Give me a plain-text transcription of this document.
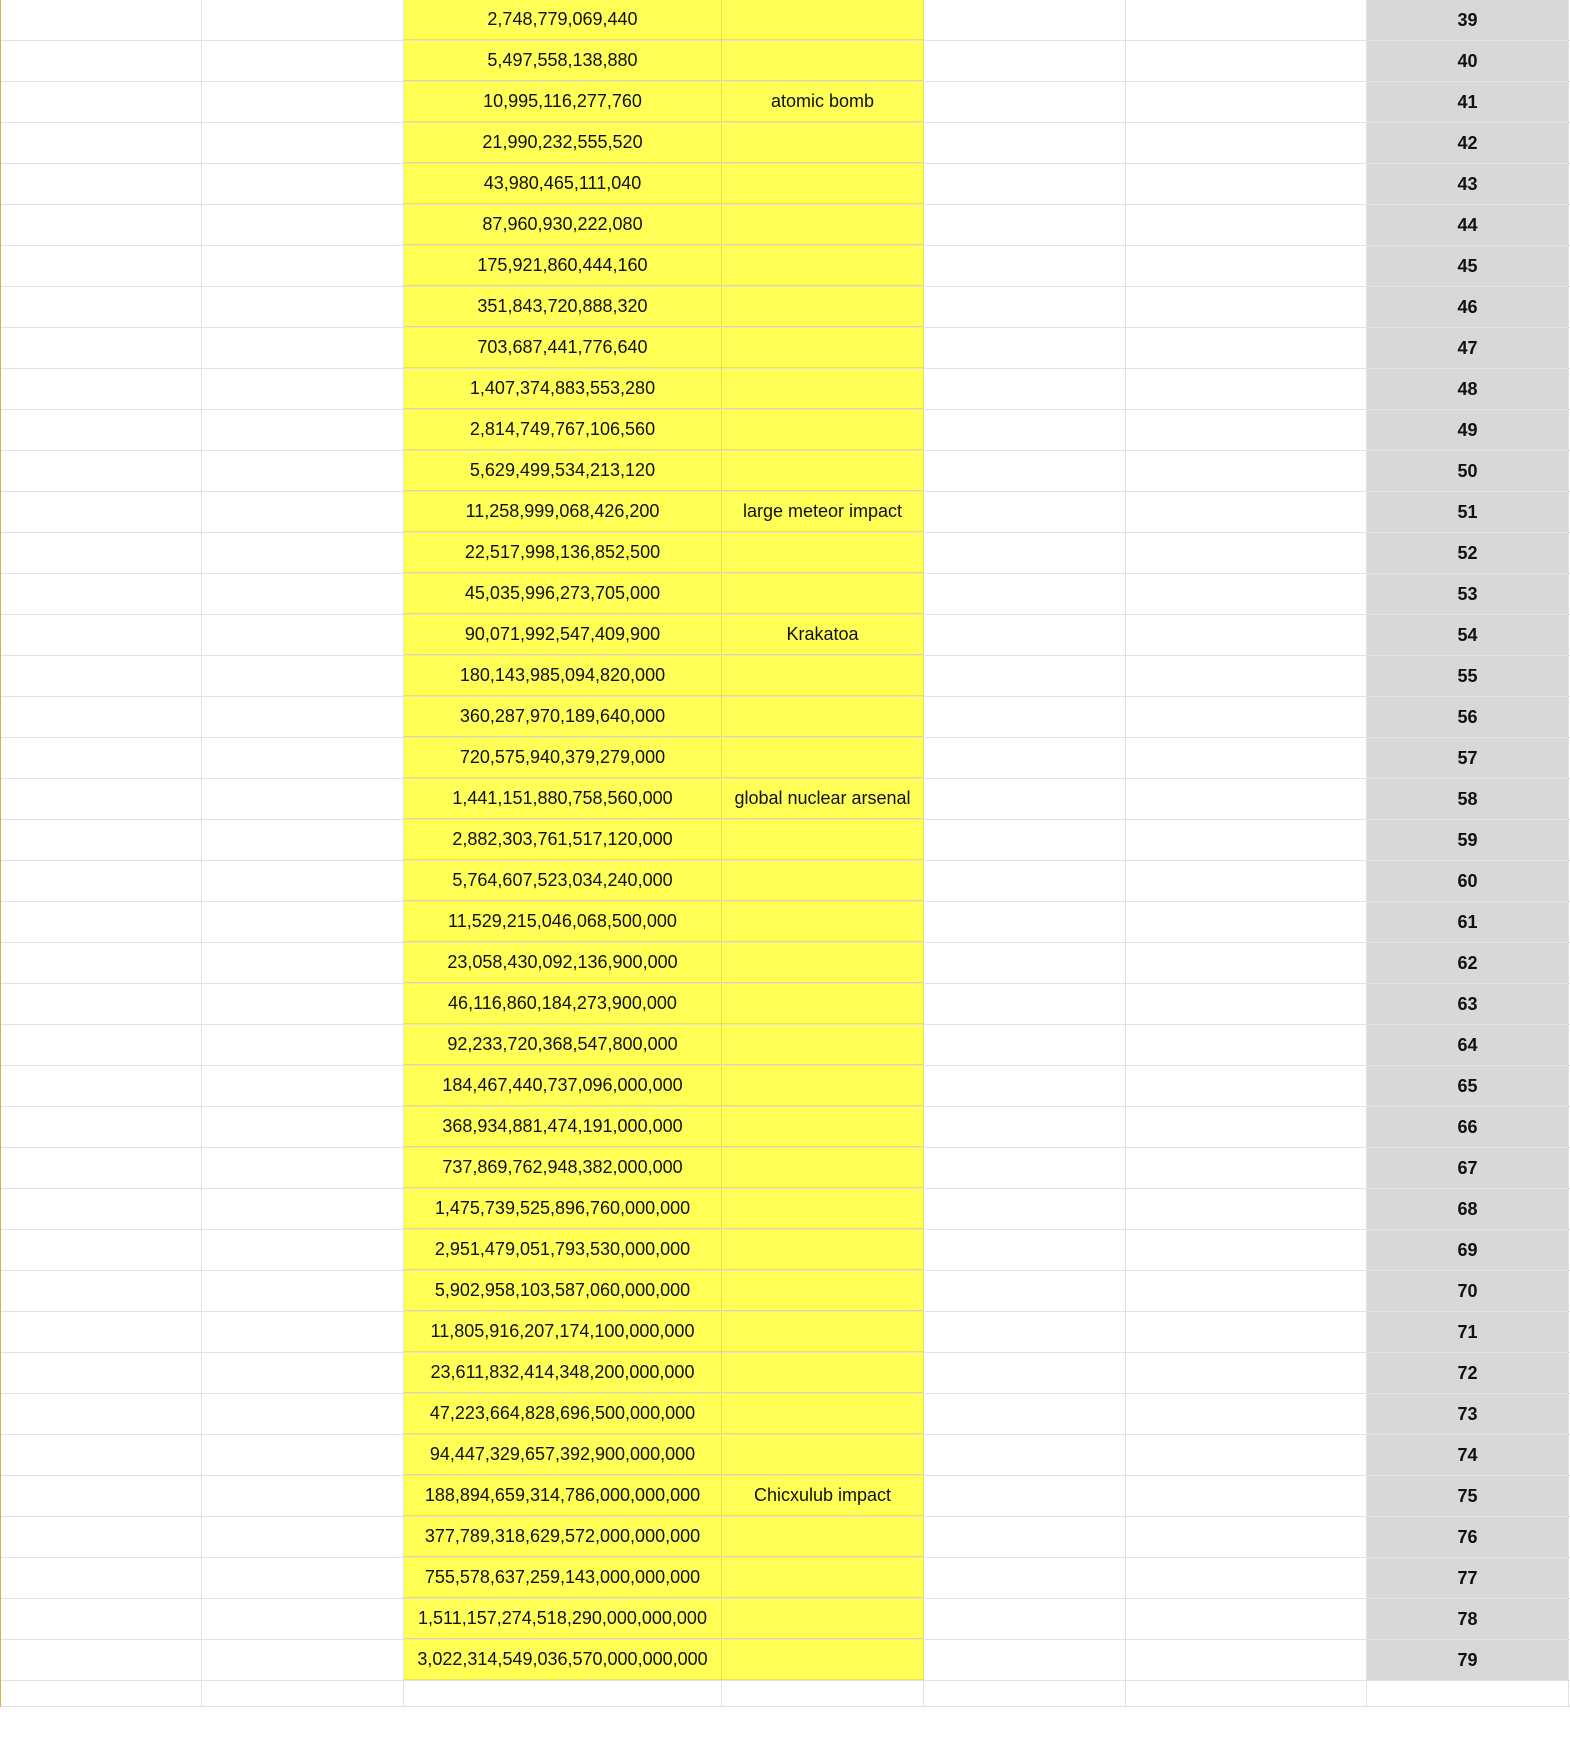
2,748,779,069,440	39
5,497,558,138,880	40
10,995,116,277,760	atomic bomb	41
21,990,232,555,520	42
43,980,465,111,040	43
87,960,930,222,080	44
175,921,860,444,160	45
351,843,720,888,320	46
703,687,441,776,640	47
1,407,374,883,553,280	48
2,814,749,767,106,560	49
5,629,499,534,213,120	50
11,258,999,068,426,200	large meteor impact	51
22,517,998,136,852,500	52
45,035,996,273,705,000	53
90,071,992,547,409,900	Krakatoa	54
180,143,985,094,820,000	55
360,287,970,189,640,000	56
720,575,940,379,279,000	57
1,441,151,880,758,560,000	global nuclear arsenal	58
2,882,303,761,517,120,000	59
5,764,607,523,034,240,000	60
11,529,215,046,068,500,000	61
23,058,430,092,136,900,000	62
46,116,860,184,273,900,000	63
92,233,720,368,547,800,000	64
184,467,440,737,096,000,000	65
368,934,881,474,191,000,000	66
737,869,762,948,382,000,000	67
1,475,739,525,896,760,000,000	68
2,951,479,051,793,530,000,000	69
5,902,958,103,587,060,000,000	70
11,805,916,207,174,100,000,000	71
23,611,832,414,348,200,000,000	72
47,223,664,828,696,500,000,000	73
94,447,329,657,392,900,000,000	74
188,894,659,314,786,000,000,000	Chicxulub impact	75
377,789,318,629,572,000,000,000	76
755,578,637,259,143,000,000,000	77
1,511,157,274,518,290,000,000,000	78
3,022,314,549,036,570,000,000,000	79
